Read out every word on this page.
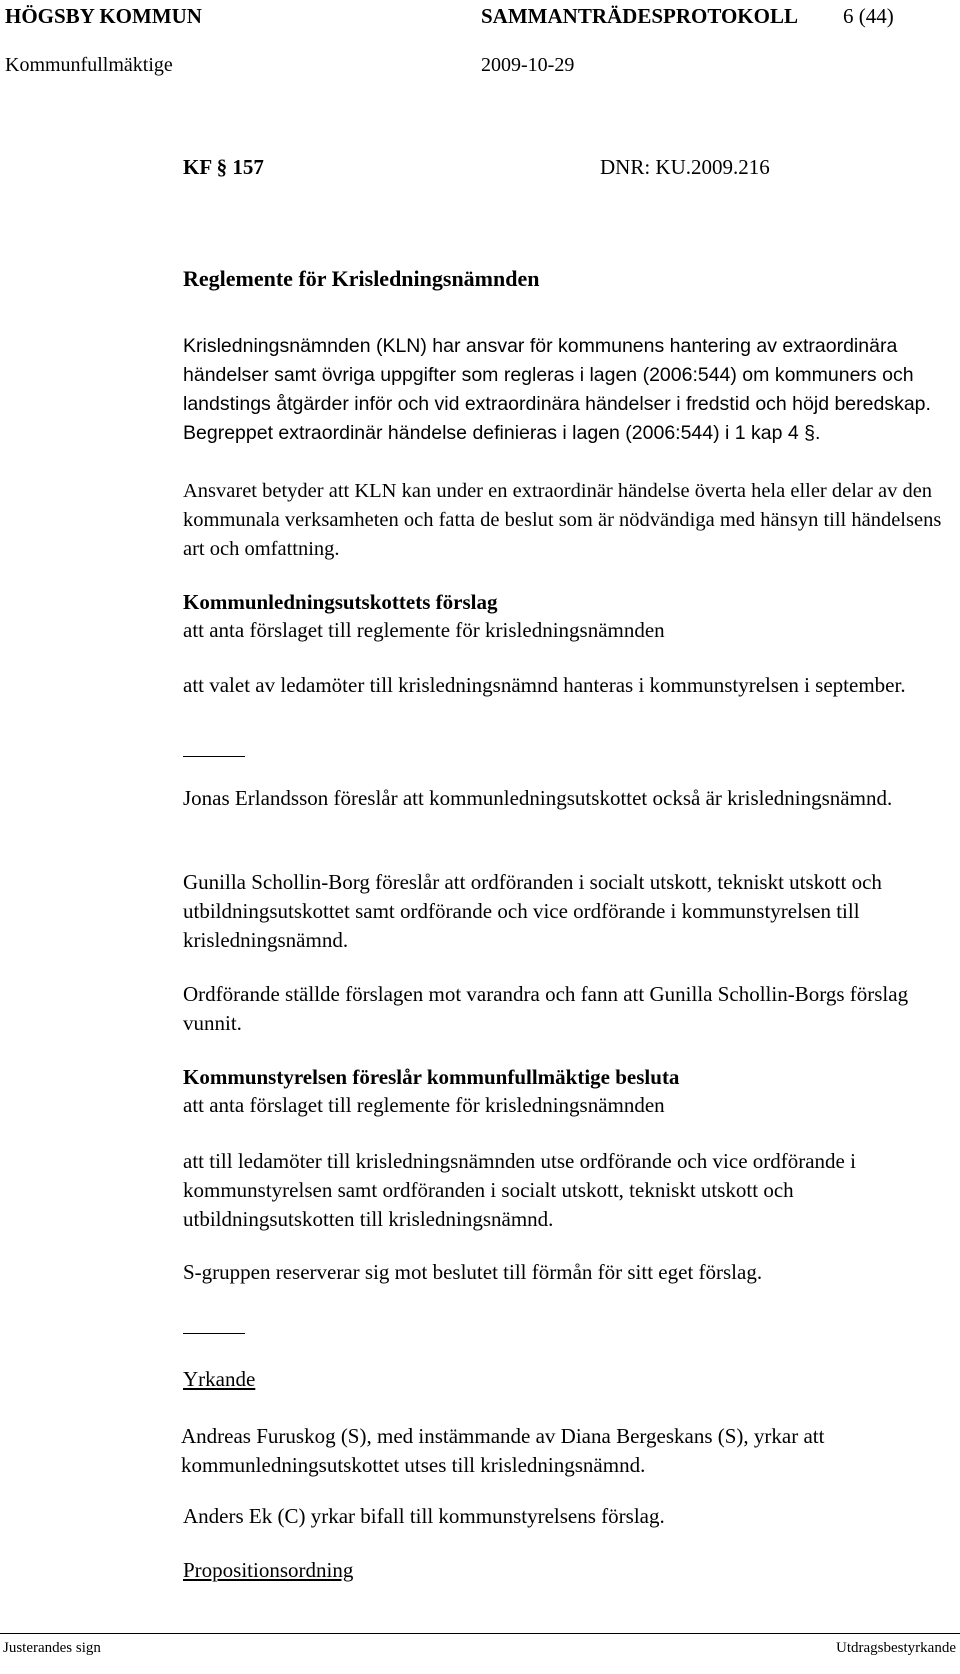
HÖGSBY KOMMUN	SAMMANTRÄDESPROTOKOLL 6 (44)
Kommunfullmäktige	2009-10-29
KF § 157	DNR: KU.2009.216
Reglemente för Krisledningsnämnden

Krisledningsnämnden (KLN) har ansvar för kommunens hantering av extraordinära händelser samt övriga uppgifter som regleras i lagen (2006:544) om kommuners och landstings åtgärder inför och vid extraordinära händelser i fredstid och höjd beredskap. Begreppet extraordinär händelse definieras i lagen (2006:544) i 1 kap 4 §.

Ansvaret betyder att KLN kan under en extraordinär händelse överta hela eller delar av den kommunala verksamheten och fatta de beslut som är nödvändiga med hänsyn till händelsens art och omfattning.

Kommunledningsutskottets förslag
att anta förslaget till reglemente för krisledningsnämnden

att valet av ledamöter till krisledningsnämnd hanteras i kommunstyrelsen i september.

Jonas Erlandsson föreslår att kommunledningsutskottet också är krisledningsnämnd.

Gunilla Schollin-Borg föreslår att ordföranden i socialt utskott, tekniskt utskott och utbildningsutskottet samt ordförande och vice ordförande i kommunstyrelsen till krisledningsnämnd.

Ordförande ställde förslagen mot varandra och fann att Gunilla Schollin-Borgs förslag vunnit.

Kommunstyrelsen föreslår kommunfullmäktige besluta
att anta förslaget till reglemente för krisledningsnämnden

att till ledamöter till krisledningsnämnden utse ordförande och vice ordförande i kommunstyrelsen samt ordföranden i socialt utskott, tekniskt utskott och utbildningsutskotten till krisledningsnämnd.

S-gruppen reserverar sig mot beslutet till förmån för sitt eget förslag.
Yrkande

Andreas Furuskog (S), med instämmande av Diana Bergeskans (S), yrkar att kommunledningsutskottet utses till krisledningsnämnd.

Anders Ek (C) yrkar bifall till kommunstyrelsens förslag.
Propositionsordning
Justerandes sign	Utdragsbestyrkande
